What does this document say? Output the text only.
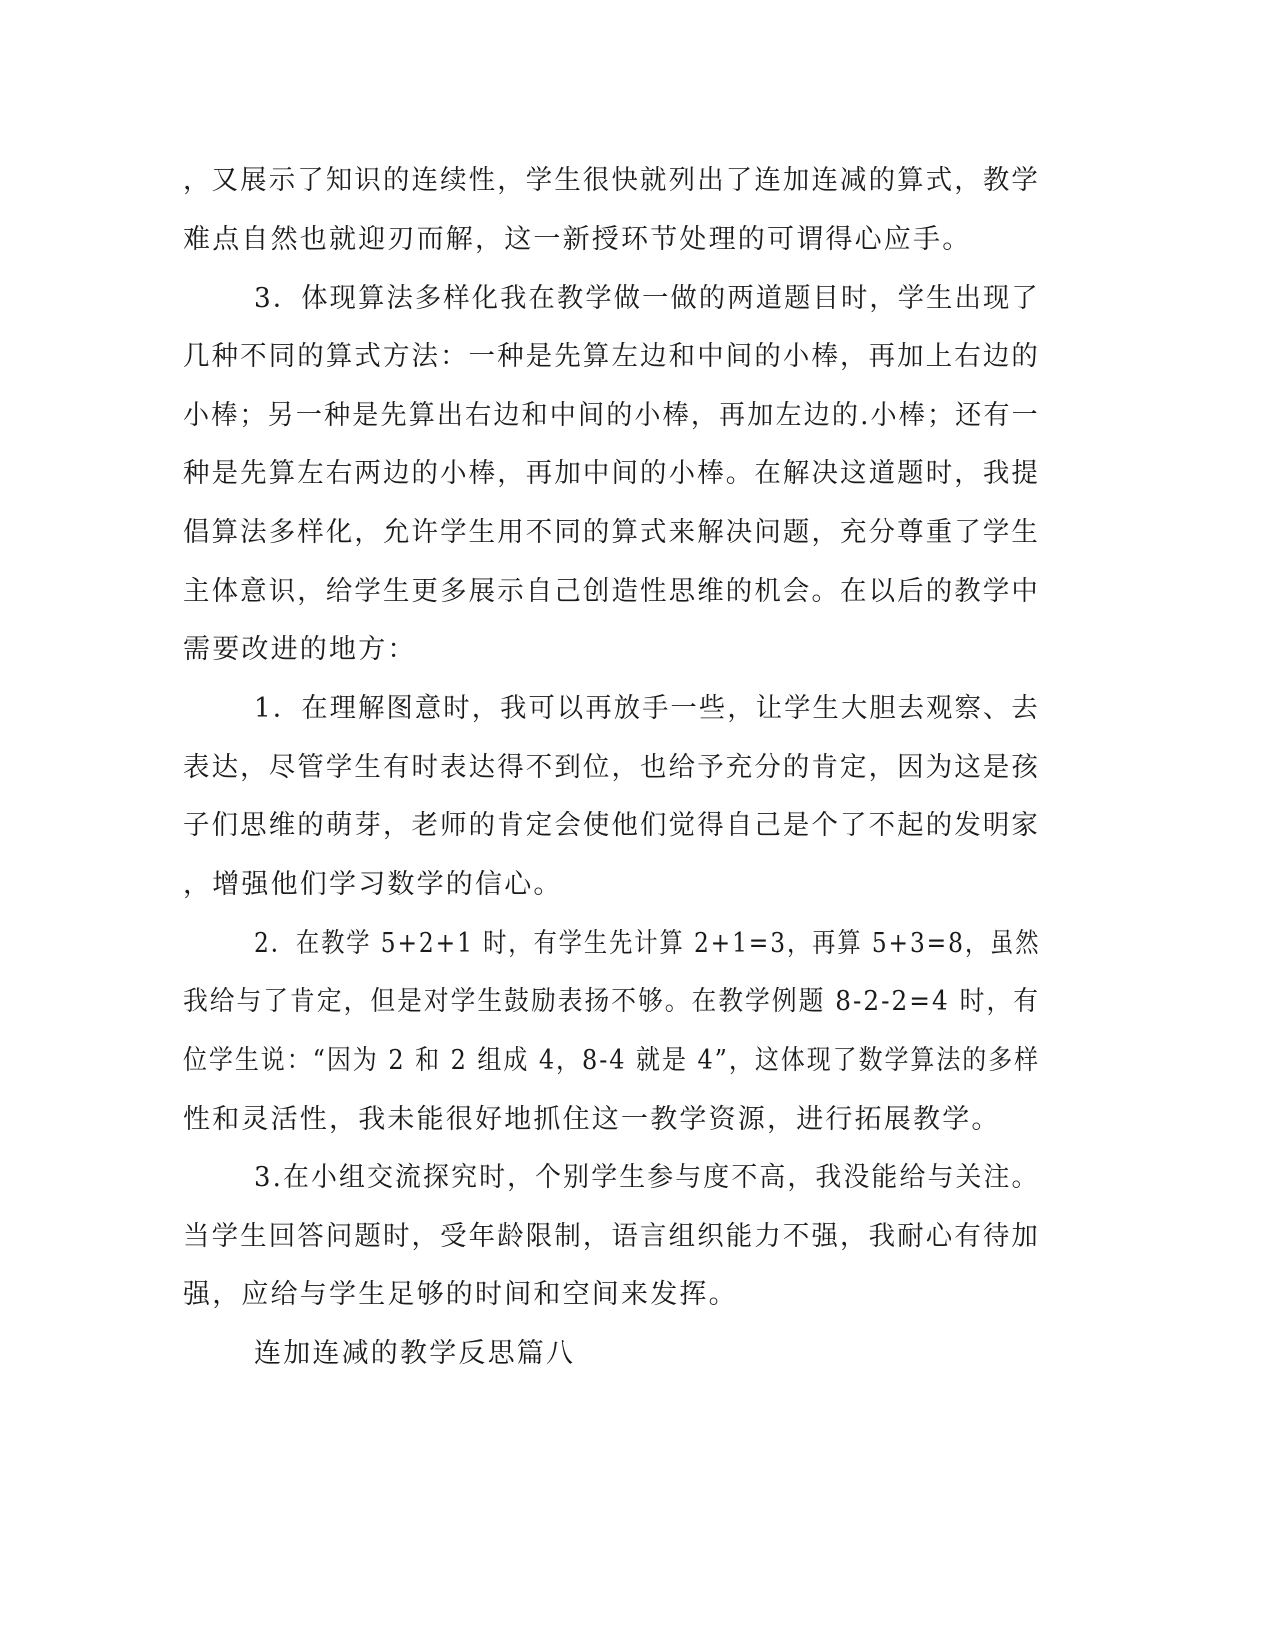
，又展示了知识的连续性，学生很快就列出了连加连减的算式，教学
难点自然也就迎刃而解，这一新授环节处理的可谓得心应手。
3．体现算法多样化我在教学做一做的两道题目时，学生出现了
几种不同的算式方法：一种是先算左边和中间的小棒，再加上右边的
小棒；另一种是先算出右边和中间的小棒，再加左边的.小棒；还有一
种是先算左右两边的小棒，再加中间的小棒。在解决这道题时，我提
倡算法多样化，允许学生用不同的算式来解决问题，充分尊重了学生
主体意识，给学生更多展示自己创造性思维的机会。在以后的教学中
需要改进的地方：
1．在理解图意时，我可以再放手一些，让学生大胆去观察、去
表达，尽管学生有时表达得不到位，也给予充分的肯定，因为这是孩
子们思维的萌芽，老师的肯定会使他们觉得自己是个了不起的发明家
，增强他们学习数学的信心。
2．在教学 5+2+1 时，有学生先计算 2+1=3，再算 5+3=8，虽然
我给与了肯定，但是对学生鼓励表扬不够。在教学例题 8-2-2=4 时，有
位学生说：“因为 2 和 2 组成 4，8-4 就是 4”，这体现了数学算法的多样
性和灵活性，我未能很好地抓住这一教学资源，进行拓展教学。
3.在小组交流探究时，个别学生参与度不高，我没能给与关注。
当学生回答问题时，受年龄限制，语言组织能力不强，我耐心有待加
强，应给与学生足够的时间和空间来发挥。
连加连减的教学反思篇八
